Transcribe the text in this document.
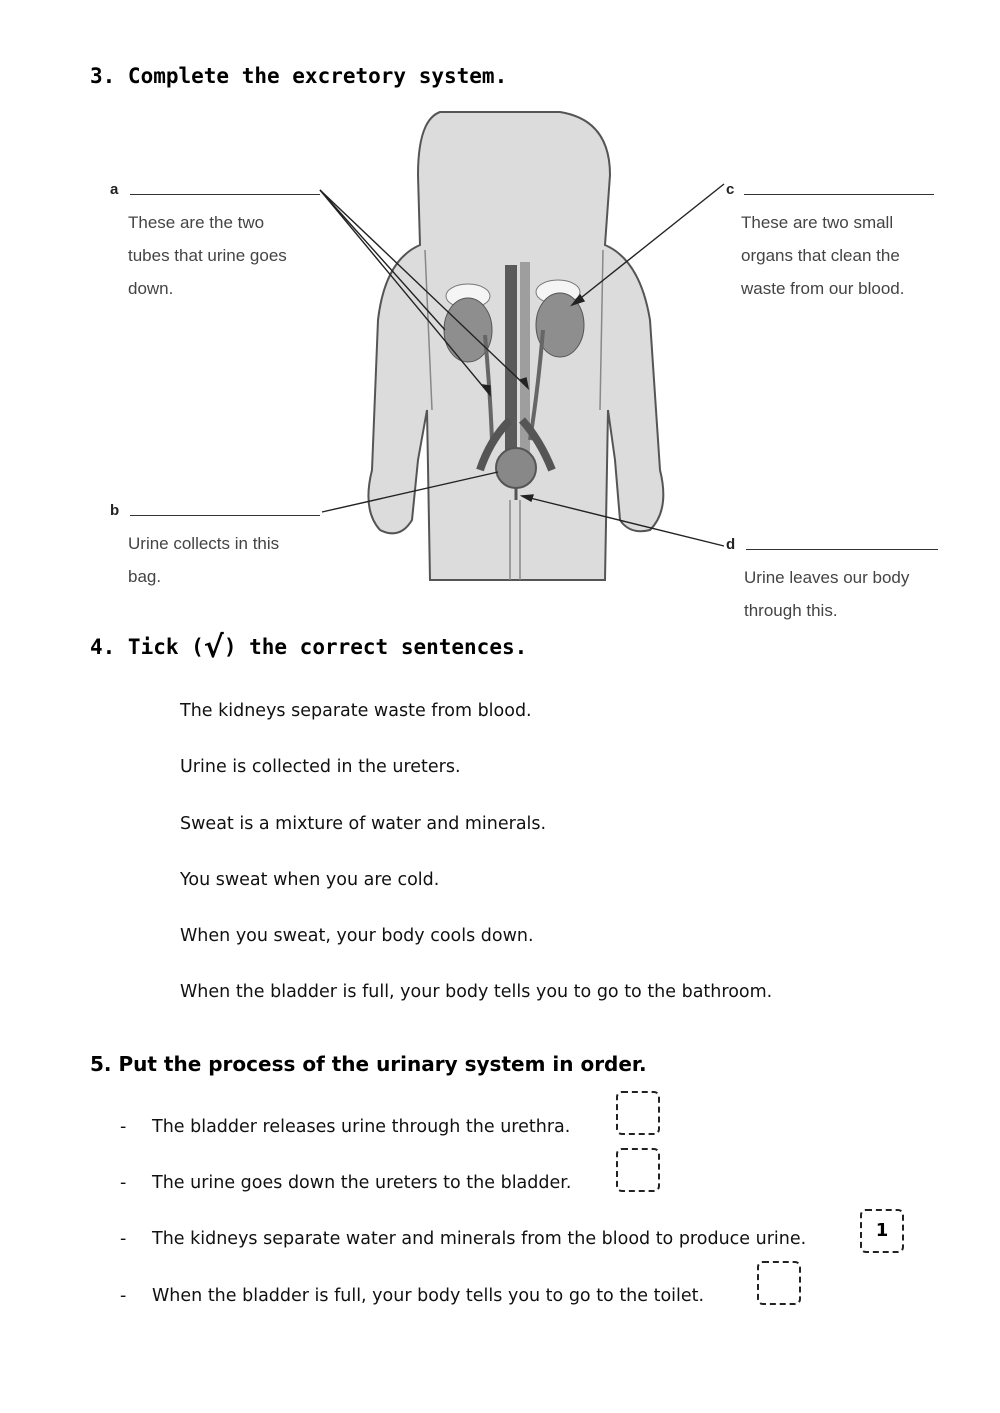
3. Complete the excretory system.
a
These are the two
tubes that urine goes
down.
b
Urine collects in this
bag.
c
These are two small
organs that clean the
waste from our blood.
d
Urine leaves our body
through this.
4. Tick (√) the correct sentences.
The kidneys separate waste from blood.
Urine is collected in the ureters.
Sweat is a mixture of water and minerals.
You sweat when you are cold.
When you sweat, your body cools down.
When the bladder is full, your body tells you to go to the bathroom.
5. Put the process of the urinary system in order.
- The bladder releases urine through the urethra.
- The urine goes down the ureters to the bladder.
- The kidneys separate water and minerals from the blood to produce urine.	1
- When the bladder is full, your body tells you to go to the toilet.
